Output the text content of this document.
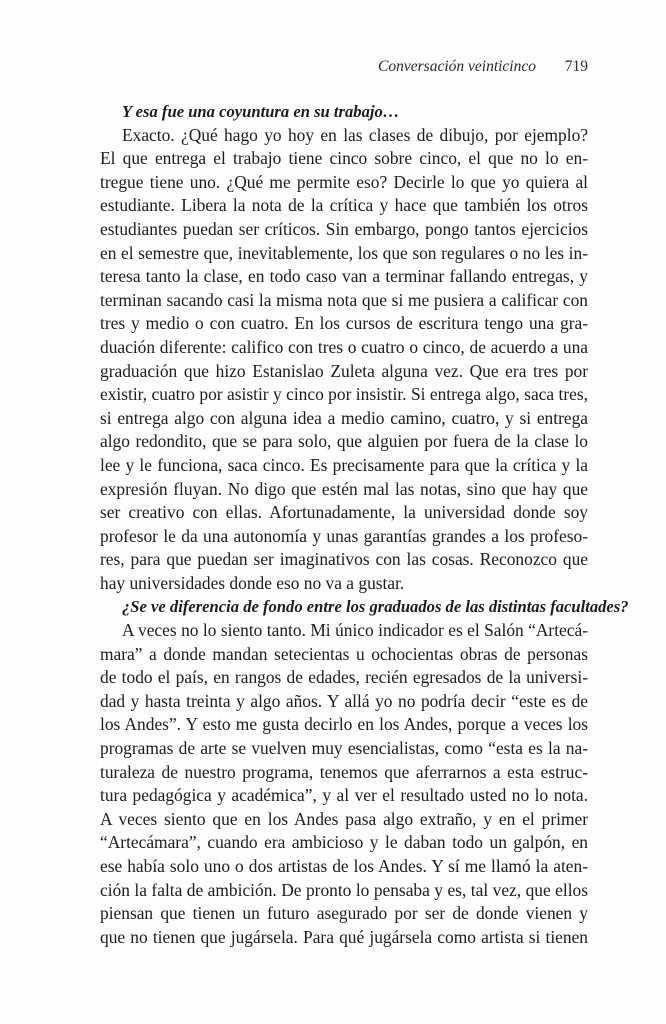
Conversación veinticinco 719
Y esa fue una coyuntura en su trabajo…
Exacto. ¿Qué hago yo hoy en las clases de dibujo, por ejemplo?
El que entrega el trabajo tiene cinco sobre cinco, el que no lo en-
tregue tiene uno. ¿Qué me permite eso? Decirle lo que yo quiera al
estudiante. Libera la nota de la crítica y hace que también los otros
estudiantes puedan ser críticos. Sin embargo, pongo tantos ejercicios
en el semestre que, inevitablemente, los que son regulares o no les in-
teresa tanto la clase, en todo caso van a terminar fallando entregas, y
terminan sacando casi la misma nota que si me pusiera a calificar con
tres y medio o con cuatro. En los cursos de escritura tengo una gra-
duación diferente: califico con tres o cuatro o cinco, de acuerdo a una
graduación que hizo Estanislao Zuleta alguna vez. Que era tres por
existir, cuatro por asistir y cinco por insistir. Si entrega algo, saca tres,
si entrega algo con alguna idea a medio camino, cuatro, y si entrega
algo redondito, que se para solo, que alguien por fuera de la clase lo
lee y le funciona, saca cinco. Es precisamente para que la crítica y la
expresión fluyan. No digo que estén mal las notas, sino que hay que
ser creativo con ellas. Afortunadamente, la universidad donde soy
profesor le da una autonomía y unas garantías grandes a los profeso-
res, para que puedan ser imaginativos con las cosas. Reconozco que
hay universidades donde eso no va a gustar.
¿Se ve diferencia de fondo entre los graduados de las distintas facultades?
A veces no lo siento tanto. Mi único indicador es el Salón “Artecá-
mara” a donde mandan setecientas u ochocientas obras de personas
de todo el país, en rangos de edades, recién egresados de la universi-
dad y hasta treinta y algo años. Y allá yo no podría decir “este es de
los Andes”. Y esto me gusta decirlo en los Andes, porque a veces los
programas de arte se vuelven muy esencialistas, como “esta es la na-
turaleza de nuestro programa, tenemos que aferrarnos a esta estruc-
tura pedagógica y académica”, y al ver el resultado usted no lo nota.
A veces siento que en los Andes pasa algo extraño, y en el primer
“Artecámara”, cuando era ambicioso y le daban todo un galpón, en
ese había solo uno o dos artistas de los Andes. Y sí me llamó la aten-
ción la falta de ambición. De pronto lo pensaba y es, tal vez, que ellos
piensan que tienen un futuro asegurado por ser de donde vienen y
que no tienen que jugársela. Para qué jugársela como artista si tienen
